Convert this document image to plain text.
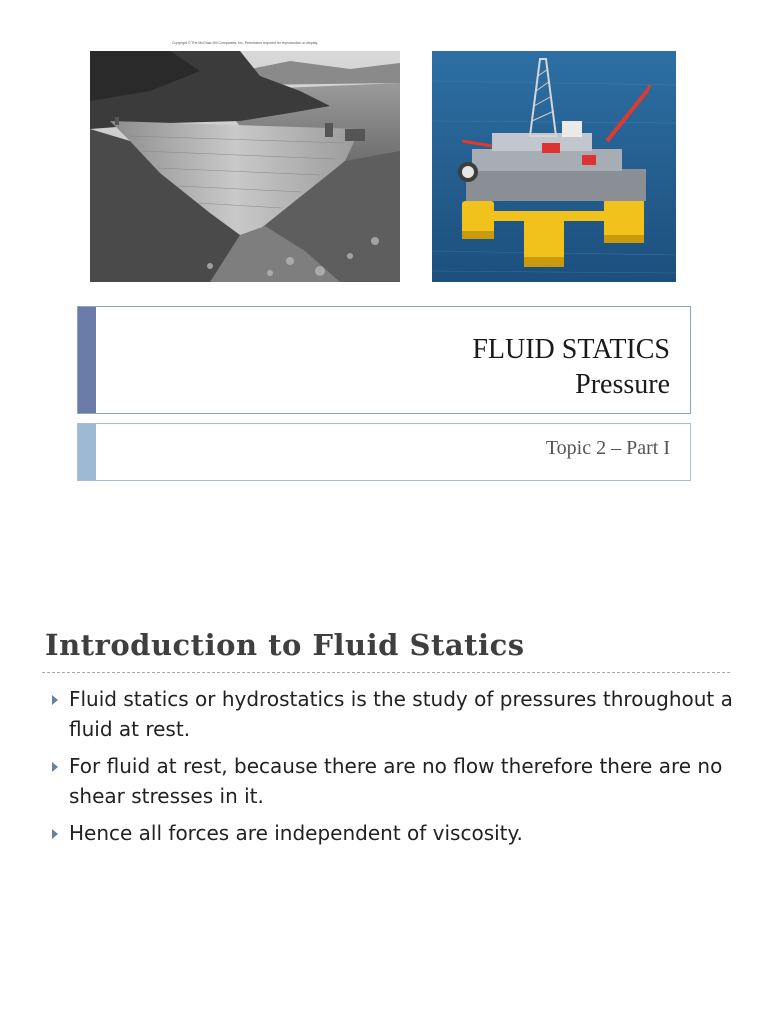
Copyright © The McGraw-Hill Companies, Inc. Permission required for reproduction or display.
FLUID STATICS
Pressure
Topic 2 – Part I
Introduction to Fluid Statics
Fluid statics or hydrostatics is the study of pressures throughout a fluid at rest.
For fluid at rest, because there are no flow therefore there are no shear stresses in it.
Hence all forces are independent of viscosity.
